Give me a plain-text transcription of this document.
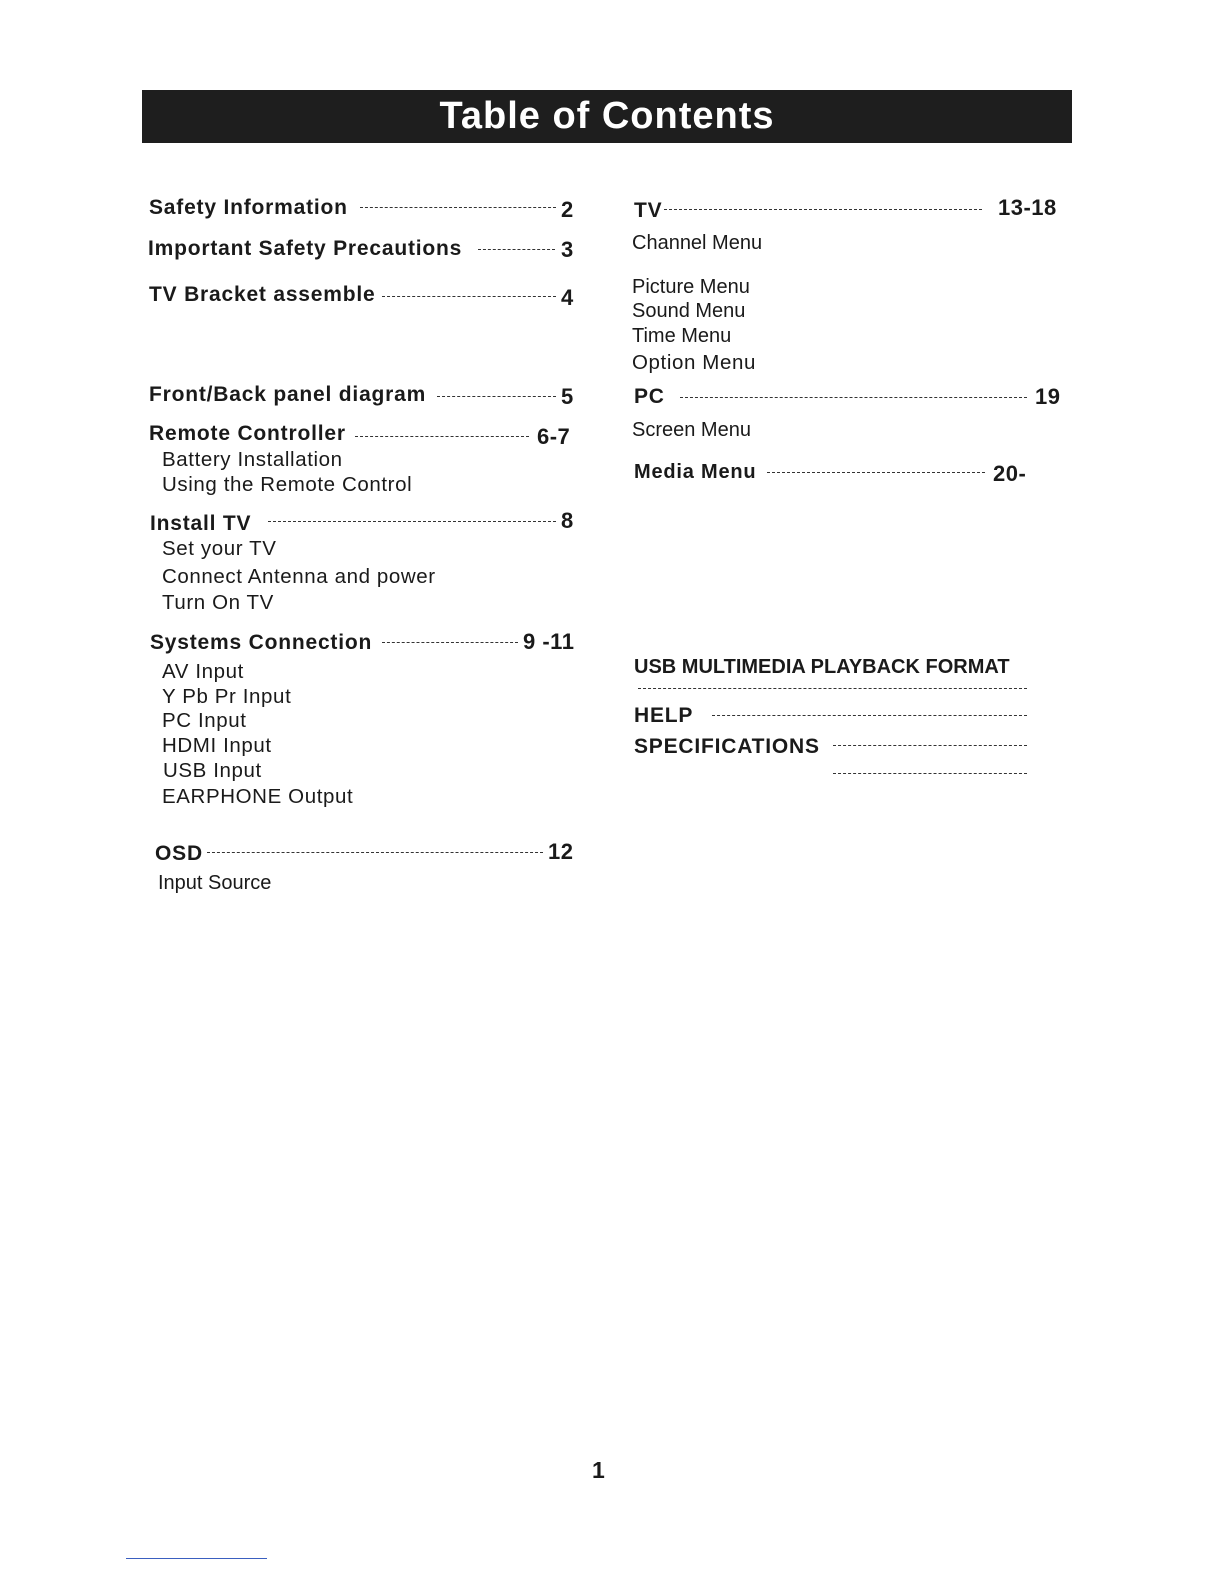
Table of Contents
Safety Information	2
Important Safety Precautions	3
TV Bracket assemble	4
Front/Back panel diagram	5
Remote Controller	6-7
Battery Installation
Using the Remote Control
Install TV	8
Set your TV
Connect Antenna and power
Turn On TV
Systems Connection	9 -11
AV Input
Y Pb Pr Input
PC Input
HDMI Input
USB Input
EARPHONE Output
OSD	12
Input Source
TV	13-18
Channel Menu
Picture Menu
Sound Menu
Time Menu
Option Menu
PC	19
Screen Menu
Media Menu	20-
USB MULTIMEDIA PLAYBACK FORMAT
HELP
SPECIFICATIONS
1
